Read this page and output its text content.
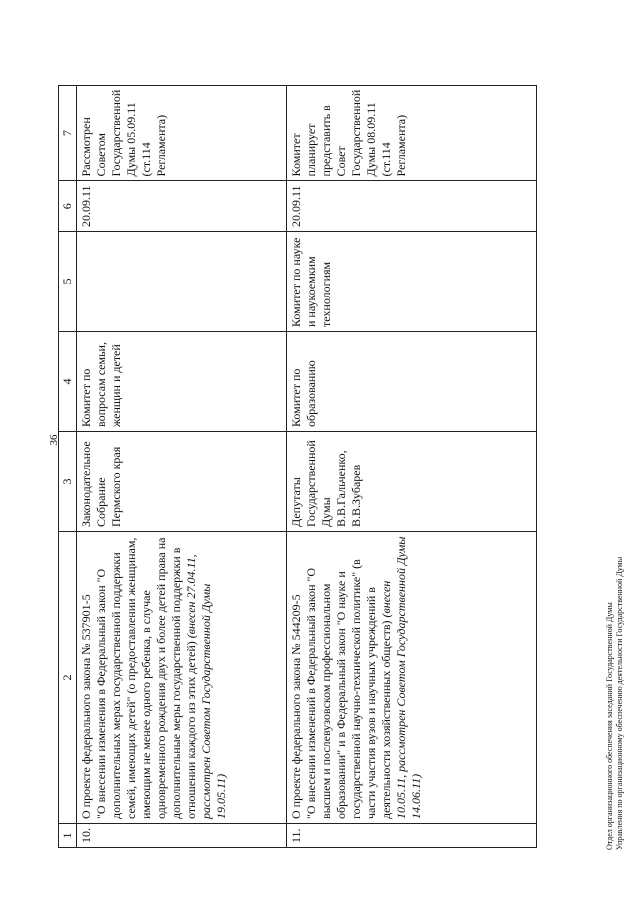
36
1	2	3	4	5	6	7
10.	О проекте федерального закона № 537901-5 "О внесении изменения в Федеральный закон "О дополнительных мерах государственной поддержки семей, имеющих детей" (о предоставлении женщинам, имеющим не менее одного ребенка, в случае одновременного рождения двух и более детей права на дополнительные меры государственной поддержки в отношении каждого из этих детей) (внесен 27.04.11, рассмотрен Советом Государственной Думы 19.05.11)	Законодательное Собрание Пермского края	Комитет по вопросам семьи, женщин и детей		20.09.11	Рассмотрен Советом Государственной Думы 05.09.11 (ст.114 Регламента)
11.	О проекте федерального закона № 544209-5 "О внесении изменений в Федеральный закон "О высшем и послевузовском профессиональном образовании" и в Федеральный закон "О науке и государственной научно-технической политике" (в части участия вузов и научных учреждений в деятельности хозяйственных обществ) (внесен 10.05.11, рассмотрен Советом Государственной Думы 14.06.11)	Депутаты Государственной Думы В.В.Гальченко, В.В.Зубарев	Комитет по образованию	Комитет по науке и наукоемким технологиям	20.09.11	Комитет планирует представить в Совет Государственной Думы 08.09.11 (ст.114 Регламента)
Отдел организационного обеспечения заседаний Государственной Думы Управления по организационному обеспечению деятельности Государственной Думы
